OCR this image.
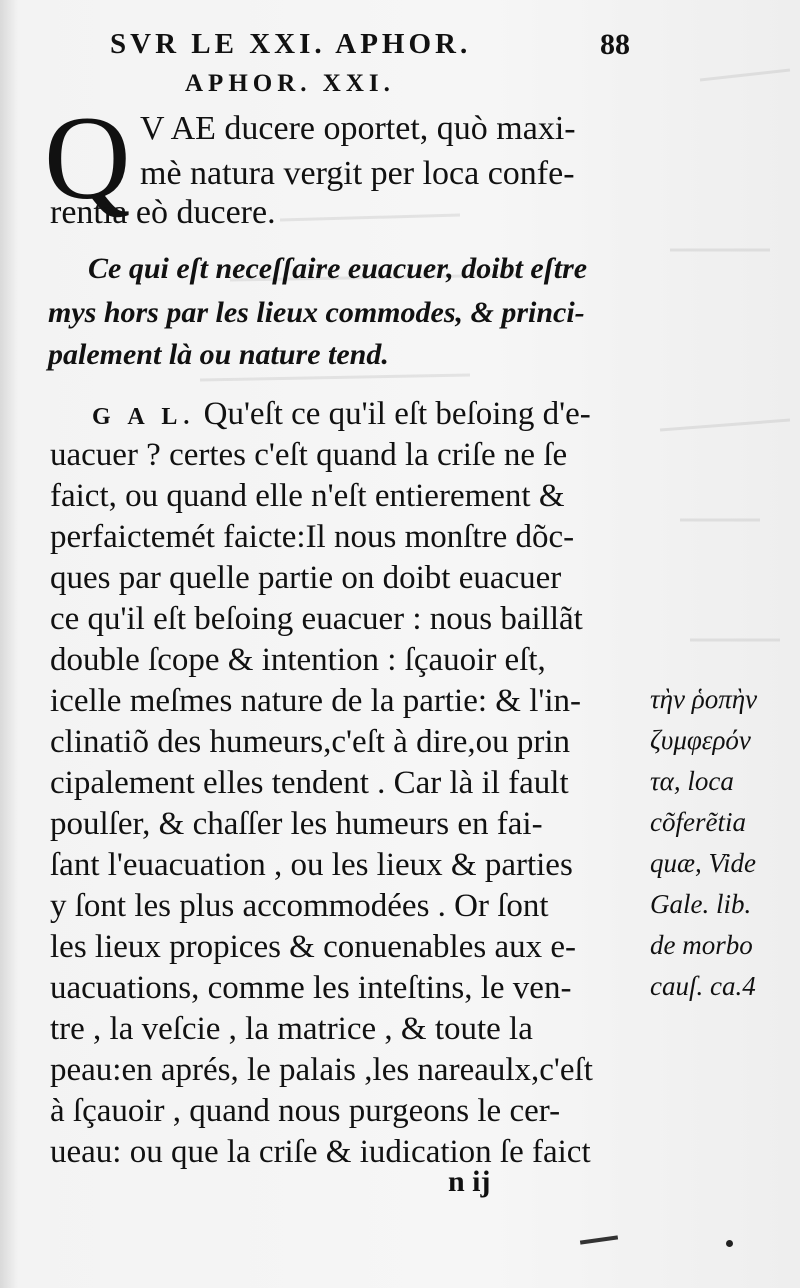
SVR LE XXI. APHOR.	88
APHOR. XXI.
Q V AE ducere oportet, quò maxi-
mè natura vergit per loca confe-
rentia eò ducere.
Ce qui eſt neceſſaire euacuer, doibt eſtre
mys hors par les lieux commodes, & princi-
palement là ou nature tend.
G A L. Qu'eſt ce qu'il eſt beſoing d'e-
uacuer ? certes c'eſt quand la criſe ne ſe
faict, ou quand elle n'eſt entierement &
perfaictemét faicte:Il nous monſtre dõc-
ques par quelle partie on doibt euacuer
ce qu'il eſt beſoing euacuer : nous baillãt
double ſcope & intention : ſçauoir eſt,
icelle meſmes nature de la partie: & l'in-
clinatiõ des humeurs,c'eſt à dire,ou prin
cipalement elles tendent . Car là il fault
poulſer, & chaſſer les humeurs en fai-
ſant l'euacuation , ou les lieux & parties
y ſont les plus accommodées . Or ſont
les lieux propices & conuenables aux e-
uacuations, comme les inteſtins, le ven-
tre , la veſcie , la matrice , & toute la
peau:en aprés, le palais ,les nareaulx,c'eſt
à ſçauoir , quand nous purgeons le cer-
ueau: ou que la criſe & iudication ſe faict
τὴν ῥοπὴν
ζυμφερόν
τα, loca
cõferẽtia
quæ, Vide
Gale. lib.
de morbo
cauſ. ca.4
n ij
